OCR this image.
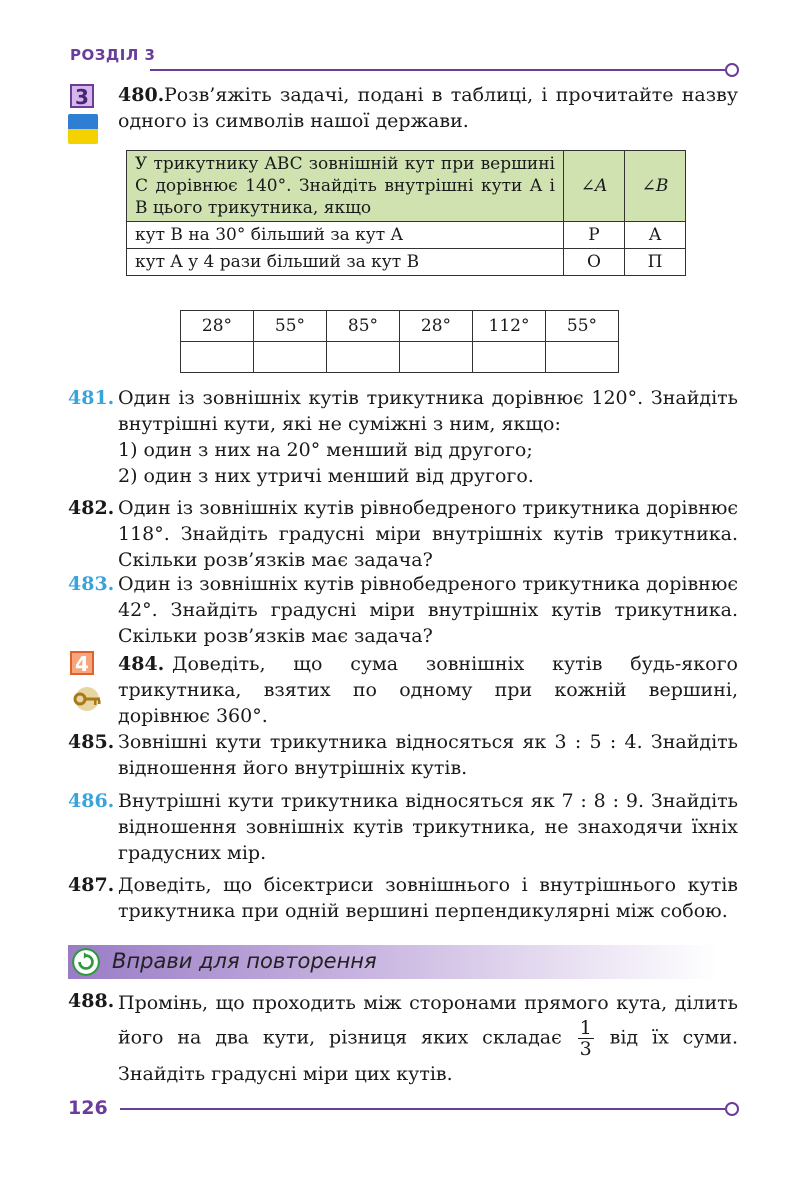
РОЗДІЛ 3
3 480. Розв’яжіть задачі, подані в таблиці, і прочитайте назву одного із символів нашої держави.
У трикутнику ABC зовнішній кут при вершині C дорівнює 140°. Знайдіть внутрішні кути A і B цього трикутника, якщо	∠A	∠B
кут B на 30° більший за кут A	Р	А
кут A у 4 рази більший за кут B	О	П
28°	55°	85°	28°	112°	55°

481. Один із зовнішніх кутів трикутника дорівнює 120°. Знайдіть внутрішні кути, які не суміжні з ним, якщо:
1) один з них на 20° менший від другого;
2) один з них утричі менший від другого.
482. Один із зовнішніх кутів рівнобедреного трикутника дорівнює 118°. Знайдіть градусні міри внутрішніх кутів трикутника. Скільки розв’язків має задача?
483. Один із зовнішніх кутів рівнобедреного трикутника дорівнює 42°. Знайдіть градусні міри внутрішніх кутів трикутника. Скільки розв’язків має задача?
4 484. Доведіть, що сума зовнішніх кутів будь-якого трикутника, взятих по одному при кожній вершині, дорівнює 360°.
485. Зовнішні кути трикутника відносяться як 3 : 5 : 4. Знайдіть відношення його внутрішніх кутів.
486. Внутрішні кути трикутника відносяться як 7 : 8 : 9. Знайдіть відношення зовнішніх кутів трикутника, не знаходячи їхніх градусних мір.
487. Доведіть, що бісектриси зовнішнього і внутрішнього кутів трикутника при одній вершині перпендикулярні між собою.
Вправи для повторення
488. Промінь, що проходить між сторонами прямого кута, ділить його на два кути, різниця яких складає $\frac{1}{3}$ від їх суми. Знайдіть градусні міри цих кутів.
126
